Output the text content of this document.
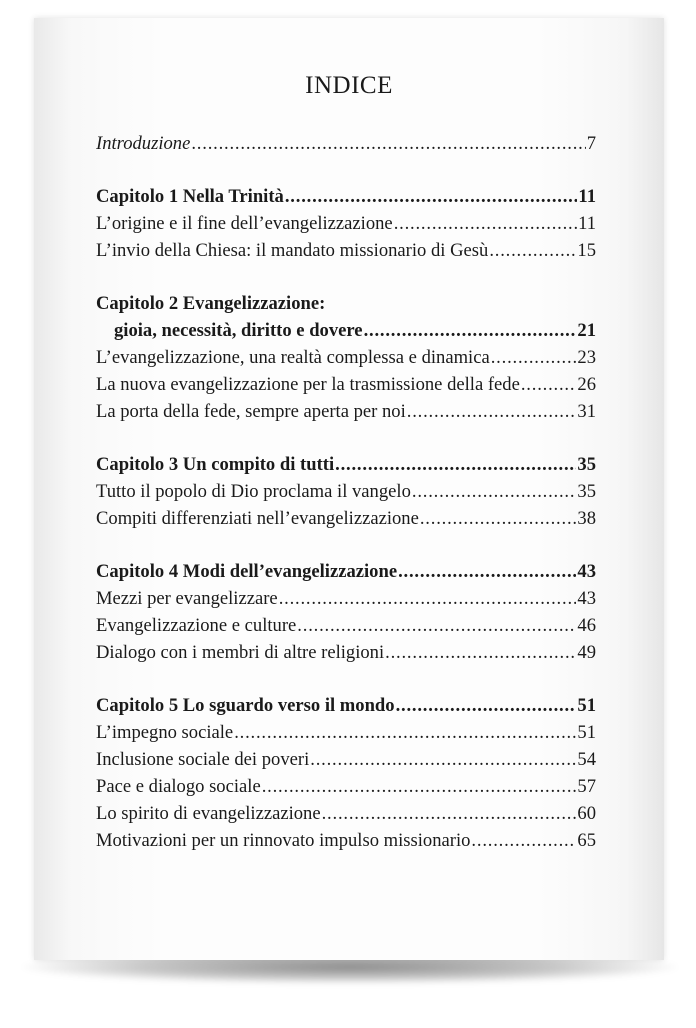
INDICE
Introduzione .....	7
Capitolo 1 Nella Trinità .....	11
L’origine e il fine dell’evangelizzazione .....	11
L’invio della Chiesa: il mandato missionario di Gesù .....	15
Capitolo 2 Evangelizzazione:
gioia, necessità, diritto e dovere .....	21
L’evangelizzazione, una realtà complessa e dinamica .....	23
La nuova evangelizzazione per la trasmissione della fede .....	26
La porta della fede, sempre aperta per noi .....	31
Capitolo 3 Un compito di tutti .....	35
Tutto il popolo di Dio proclama il vangelo .....	35
Compiti differenziati nell’evangelizzazione .....	38
Capitolo 4 Modi dell’evangelizzazione .....	43
Mezzi per evangelizzare .....	43
Evangelizzazione e culture .....	46
Dialogo con i membri di altre religioni .....	49
Capitolo 5 Lo sguardo verso il mondo .....	51
L’impegno sociale .....	51
Inclusione sociale dei poveri .....	54
Pace e dialogo sociale .....	57
Lo spirito di evangelizzazione .....	60
Motivazioni per un rinnovato impulso missionario .....	65
